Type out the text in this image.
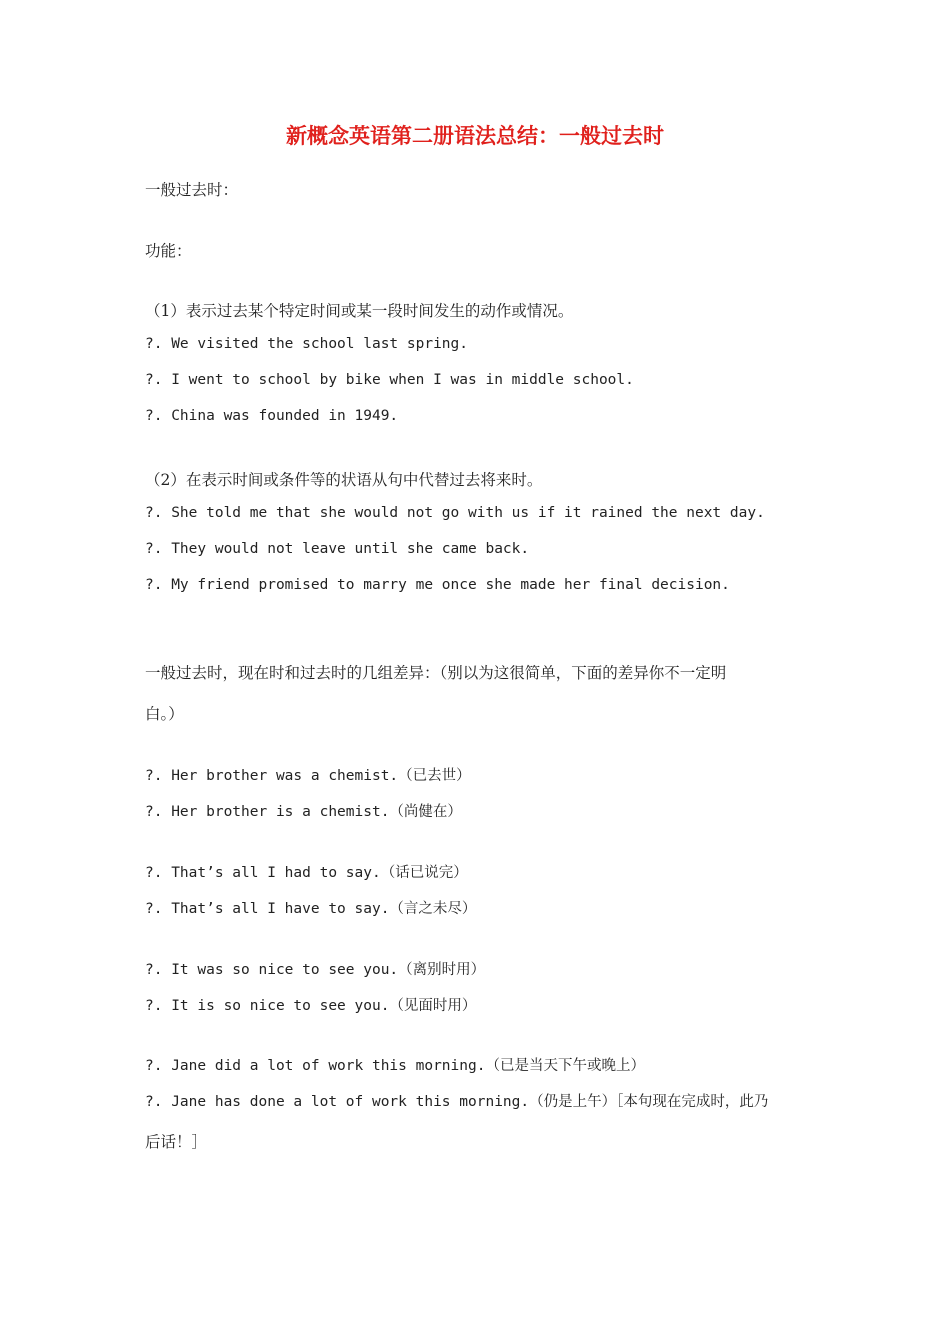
新概念英语第二册语法总结：一般过去时
一般过去时：
功能：
（1）表示过去某个特定时间或某一段时间发生的动作或情况。
?. We visited the school last spring.
?. I went to school by bike when I was in middle school.
?. China was founded in 1949.
（2）在表示时间或条件等的状语从句中代替过去将来时。
?. She told me that she would not go with us if it rained the next day.
?. They would not leave until she came back.
?. My friend promised to marry me once she made her final decision.
一般过去时，现在时和过去时的几组差异：（别以为这很简单，下面的差异你不一定明
白。）
?. Her brother was a chemist.（已去世）
?. Her brother is a chemist.（尚健在）
?. That’s all I had to say.（话已说完）
?. That’s all I have to say.（言之未尽）
?. It was so nice to see you.（离别时用）
?. It is so nice to see you.（见面时用）
?. Jane did a lot of work this morning.（已是当天下午或晚上）
?. Jane has done a lot of work this morning.（仍是上午）［本句现在完成时，此乃
后话！］
